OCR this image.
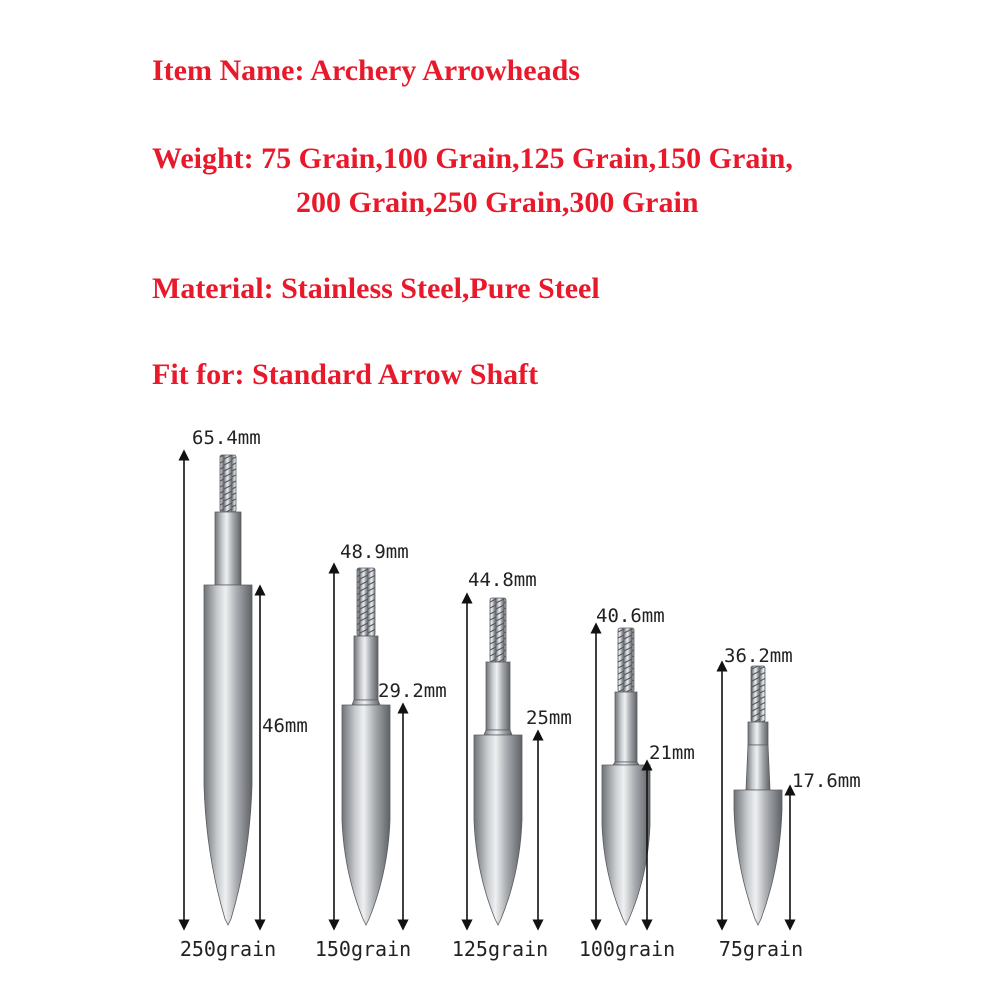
Item Name: Archery Arrowheads

Weight: 75 Grain,100 Grain,125 Grain,150 Grain,
200 Grain,250 Grain,300 Grain

Material: Stainless Steel,Pure Steel

Fit for: Standard Arrow Shaft

65.4mm
46mm
250grain
48.9mm
29.2mm
150grain
44.8mm
25mm
125grain
40.6mm
21mm
100grain
36.2mm
17.6mm
75grain
